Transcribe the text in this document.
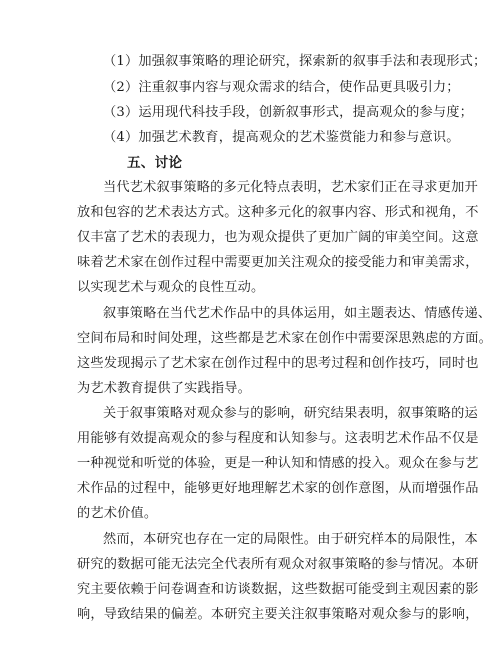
（1）加强叙事策略的理论研究，探索新的叙事手法和表现形式；
（2）注重叙事内容与观众需求的结合，使作品更具吸引力；
（3）运用现代科技手段，创新叙事形式，提高观众的参与度；
（4）加强艺术教育，提高观众的艺术鉴赏能力和参与意识。
五、讨论
当代艺术叙事策略的多元化特点表明，艺术家们正在寻求更加开
放和包容的艺术表达方式。这种多元化的叙事内容、形式和视角，不
仅丰富了艺术的表现力，也为观众提供了更加广阔的审美空间。这意
味着艺术家在创作过程中需要更加关注观众的接受能力和审美需求，
以实现艺术与观众的良性互动。
叙事策略在当代艺术作品中的具体运用，如主题表达、情感传递、
空间布局和时间处理，这些都是艺术家在创作中需要深思熟虑的方面。
这些发现揭示了艺术家在创作过程中的思考过程和创作技巧，同时也
为艺术教育提供了实践指导。
关于叙事策略对观众参与的影响，研究结果表明，叙事策略的运
用能够有效提高观众的参与程度和认知参与。这表明艺术作品不仅是
一种视觉和听觉的体验，更是一种认知和情感的投入。观众在参与艺
术作品的过程中，能够更好地理解艺术家的创作意图，从而增强作品
的艺术价值。
然而，本研究也存在一定的局限性。由于研究样本的局限性，本
研究的数据可能无法完全代表所有观众对叙事策略的参与情况。本研
究主要依赖于问卷调查和访谈数据，这些数据可能受到主观因素的影
响，导致结果的偏差。本研究主要关注叙事策略对观众参与的影响，
